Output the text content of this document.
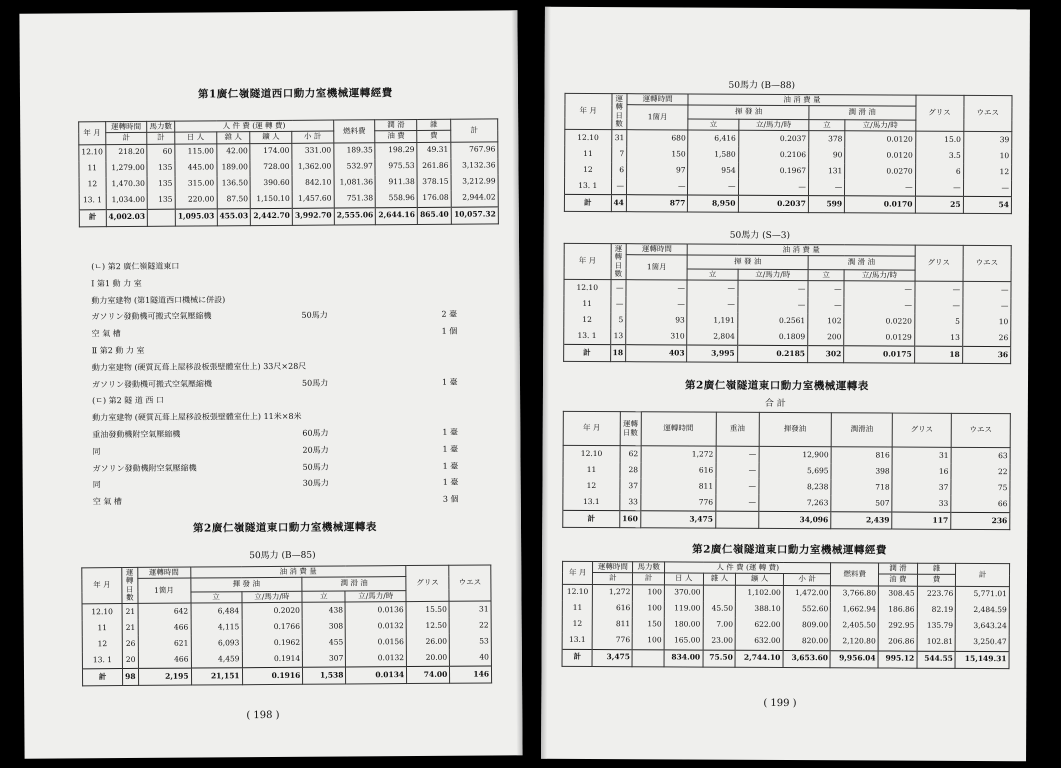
第1廣仁嶺隧道西口動力室機械運轉經費
年 月	運轉時間	馬力數	人 件 費 (運 轉 費)				燃料費	潤 滑	雜	計
	計	計	日 人	雜 人	鑛 人	小 計		油 費	費	
12.10	218.20	60	115.00	42.00	174.00	331.00	189.35	198.29	49.31	767.96
11	1,279.00	135	445.00	189.00	728.00	1,362.00	532.97	975.53	261.86	3,132.36
12	1,470.30	135	315.00	136.50	390.60	842.10	1,081.36	911.38	378.15	3,212.99
13. 1	1,034.00	135	220.00	87.50	1,150.10	1,457.60	751.38	558.96	176.08	2,944.02
計	4,002.03		1,095.03	455.03	2,442.70	3,992.70	2,555.06	2,644.16	865.40	10,057.32
(ㄴ) 第2 廣仁嶺隧道東口
Ⅰ 第1 動 力 室
動力室建物 (第1隧道西口機械に併設)
ガソリン發動機可搬式空氣壓縮機	50馬力	2 臺
空 氣 槽	1 個
Ⅱ 第2 動 力 室
動力室建物 (硬質瓦葺上屋移設板張壁體室仕上) 33尺×28尺
ガソリン發動機可搬式空氣壓縮機	50馬力	1 臺
(ㄷ) 第2 隧 道 西 口
動力室建物 (硬質瓦葺上屋移設板張壁體室仕上) 11米×8米
重油發動機附空氣壓縮機	60馬力	1 臺
同	20馬力	1 臺
ガソリン發動機附空氣壓縮機	50馬力	1 臺
同	30馬力	1 臺
空 氣 槽	3 個
第2廣仁嶺隧道東口動力室機械運轉表
50馬力 (B—85)
年 月	運轉日數	運轉時間	油 消 費 量				グリス	ウエス
		1箇月	揮 發 油		潤 滑 油			
			立	立/馬力/時	立	立/馬力/時		
12.10	21	642	6,484	0.2020	438	0.0136	15.50	31
11	21	466	4,115	0.1766	308	0.0132	12.50	22
12	26	621	6,093	0.1962	455	0.0156	26.00	53
13. 1	20	466	4,459	0.1914	307	0.0132	20.00	40
計	98	2,195	21,151	0.1916	1,538	0.0134	74.00	146
( 198 )
50馬力 (B—88)
年 月	運轉日數	運轉時間	油 消 費 量				グリス	ウエス
		1箇月	揮 發 油		潤 滑 油			
			立	立/馬力/時	立	立/馬力/時		
12.10	31	680	6,416	0.2037	378	0.0120	15.0	39
11	7	150	1,580	0.2106	90	0.0120	3.5	10
12	6	97	954	0.1967	131	0.0270	6	12
13. 1	—	—	—	—	—	—	—	—
計	44	877	8,950	0.2037	599	0.0170	25	54
50馬力 (S—3)
年 月	運轉日數	運轉時間	油 消 費 量				グリス	ウエス
		1箇月	揮 發 油		潤 滑 油			
			立	立/馬力/時	立	立/馬力/時		
12.10	—	—	—	—	—	—	—	—
11	—	—	—	—	—	—	—	—
12	5	93	1,191	0.2561	102	0.0220	5	10
13. 1	13	310	2,804	0.1809	200	0.0129	13	26
計	18	403	3,995	0.2185	302	0.0175	18	36
第2廣仁嶺隧道東口動力室機械運轉表
合 計
年 月	運轉日數	運轉時間	重油	揮發油	潤滑油	グリス	ウエス
12.10	62	1,272	—	12,900	816	31	63
11	28	616	—	5,695	398	16	22
12	37	811	—	8,238	718	37	75
13.1	33	776	—	7,263	507	33	66
計	160	3,475		34,096	2,439	117	236
第2廣仁嶺隧道東口動力室機械運轉經費
年 月	運轉時間	馬力數	人 件 費 (運 轉 費)				燃料費	潤 滑	雜	計
	計	計	日 人	雜 人	鑛 人	小 計		油 費	費	
12.10	1,272	100	370.00		1,102.00	1,472.00	3,766.80	308.45	223.76	5,771.01
11	616	100	119.00	45.50	388.10	552.60	1,662.94	186.86	82.19	2,484.59
12	811	150	180.00	7.00	622.00	809.00	2,405.50	292.95	135.79	3,643.24
13.1	776	100	165.00	23.00	632.00	820.00	2,120.80	206.86	102.81	3,250.47
計	3,475		834.00	75.50	2,744.10	3,653.60	9,956.04	995.12	544.55	15,149.31
( 199 )
